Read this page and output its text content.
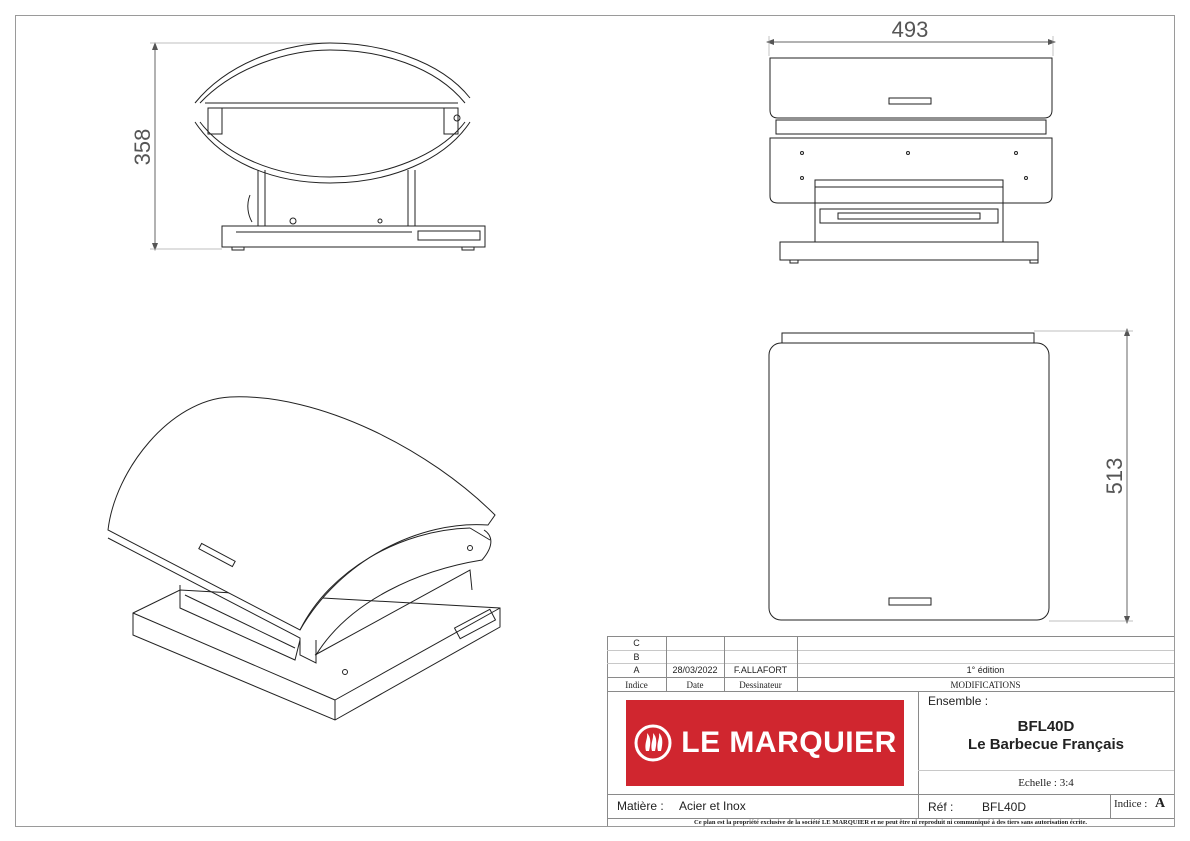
358
493
513
C
B
A	28/03/2022	F.ALLAFORT	1° édition
Indice	Date	Dessinateur	MODIFICATIONS
LE MARQUIER
Ensemble :
BFL40D
Le Barbecue Français
Echelle : 3:4
Matière : Acier et Inox	Réf : BFL40D	Indice : A
Ce plan est la propriété exclusive de la société LE MARQUIER et ne peut être ni reproduit ni communiqué à des tiers sans autorisation écrite.
